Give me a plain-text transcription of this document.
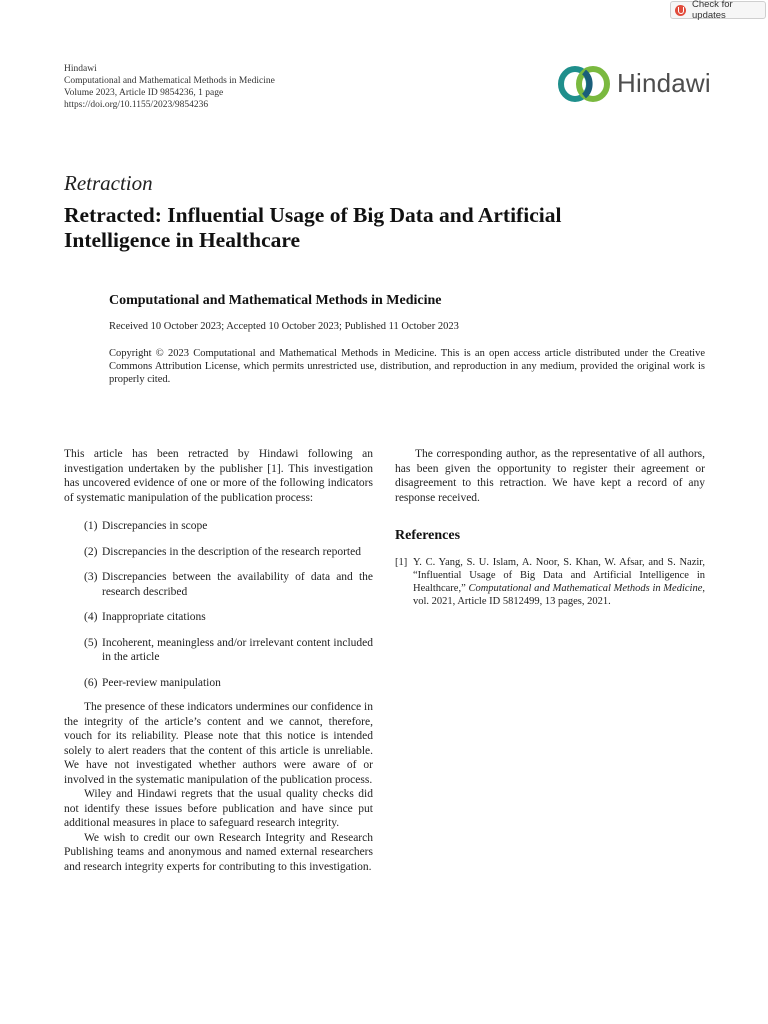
Check for updates
Hindawi
Computational and Mathematical Methods in Medicine
Volume 2023, Article ID 9854236, 1 page
https://doi.org/10.1155/2023/9854236
Hindawi
Retraction
Retracted: Influential Usage of Big Data and Artificial Intelligence in Healthcare
Computational and Mathematical Methods in Medicine
Received 10 October 2023; Accepted 10 October 2023; Published 11 October 2023
Copyright © 2023 Computational and Mathematical Methods in Medicine. This is an open access article distributed under the Creative Commons Attribution License, which permits unrestricted use, distribution, and reproduction in any medium, provided the original work is properly cited.

This article has been retracted by Hindawi following an investigation undertaken by the publisher [1]. This investigation has uncovered evidence of one or more of the following indicators of systematic manipulation of the publication process:

(1) Discrepancies in scope
(2) Discrepancies in the description of the research reported
(3) Discrepancies between the availability of data and the research described
(4) Inappropriate citations
(5) Incoherent, meaningless and/or irrelevant content included in the article
(6) Peer-review manipulation

The presence of these indicators undermines our confidence in the integrity of the article’s content and we cannot, therefore, vouch for its reliability. Please note that this notice is intended solely to alert readers that the content of this article is unreliable. We have not investigated whether authors were aware of or involved in the systematic manipulation of the publication process.

Wiley and Hindawi regrets that the usual quality checks did not identify these issues before publication and have since put additional measures in place to safeguard research integrity.

We wish to credit our own Research Integrity and Research Publishing teams and anonymous and named external researchers and research integrity experts for contributing to this investigation.

The corresponding author, as the representative of all authors, has been given the opportunity to register their agreement or disagreement to this retraction. We have kept a record of any response received.

References
[1] Y. C. Yang, S. U. Islam, A. Noor, S. Khan, W. Afsar, and S. Nazir, “Influential Usage of Big Data and Artificial Intelligence in Healthcare,” Computational and Mathematical Methods in Medicine, vol. 2021, Article ID 5812499, 13 pages, 2021.
